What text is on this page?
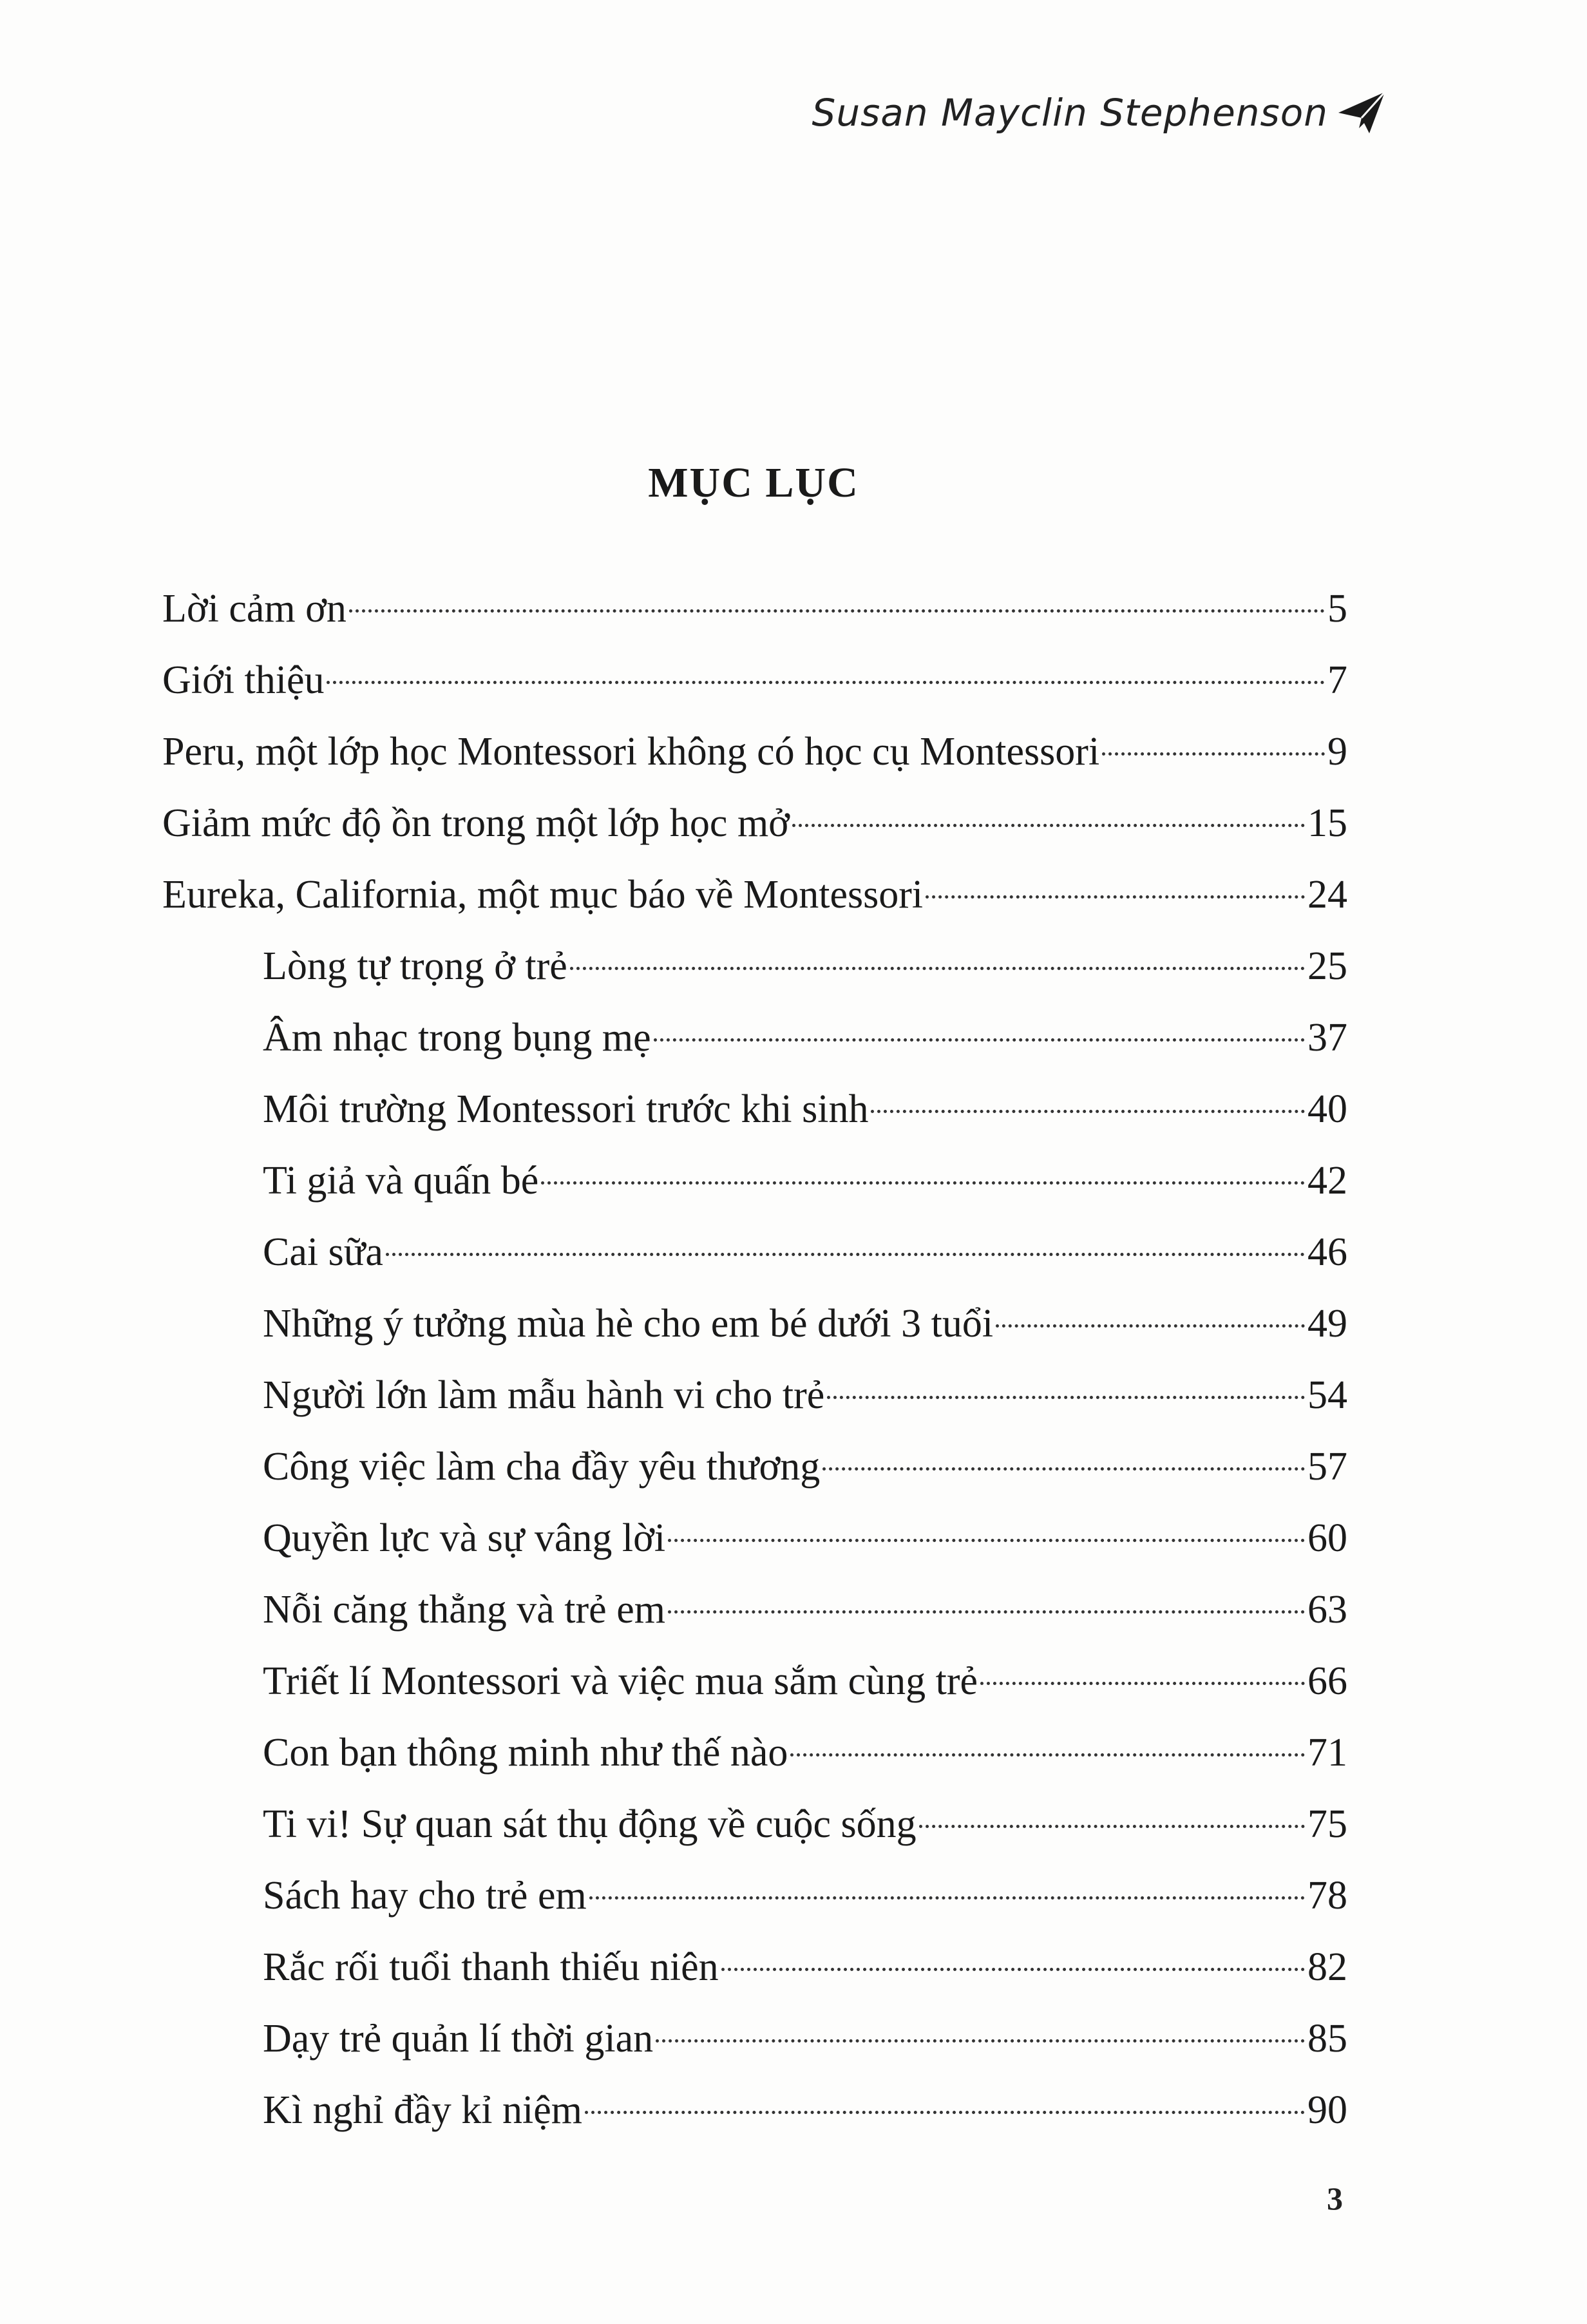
Susan Mayclin Stephenson
MỤC LỤC
Lời cảm ơn	5
Giới thiệu	7
Peru, một lớp học Montessori không có học cụ Montessori	9
Giảm mức độ ồn trong một lớp học mở	15
Eureka, California, một mục báo về Montessori	24
Lòng tự trọng ở trẻ	25
Âm nhạc trong bụng mẹ	37
Môi trường Montessori trước khi sinh	40
Ti giả và quấn bé	42
Cai sữa	46
Những ý tưởng mùa hè cho em bé dưới 3 tuổi	49
Người lớn làm mẫu hành vi cho trẻ	54
Công việc làm cha đầy yêu thương	57
Quyền lực và sự vâng lời	60
Nỗi căng thẳng và trẻ em	63
Triết lí Montessori và việc mua sắm cùng trẻ	66
Con bạn thông minh như thế nào	71
Ti vi! Sự quan sát thụ động về cuộc sống	75
Sách hay cho trẻ em	78
Rắc rối tuổi thanh thiếu niên	82
Dạy trẻ quản lí thời gian	85
Kì nghỉ đầy kỉ niệm	90
3
